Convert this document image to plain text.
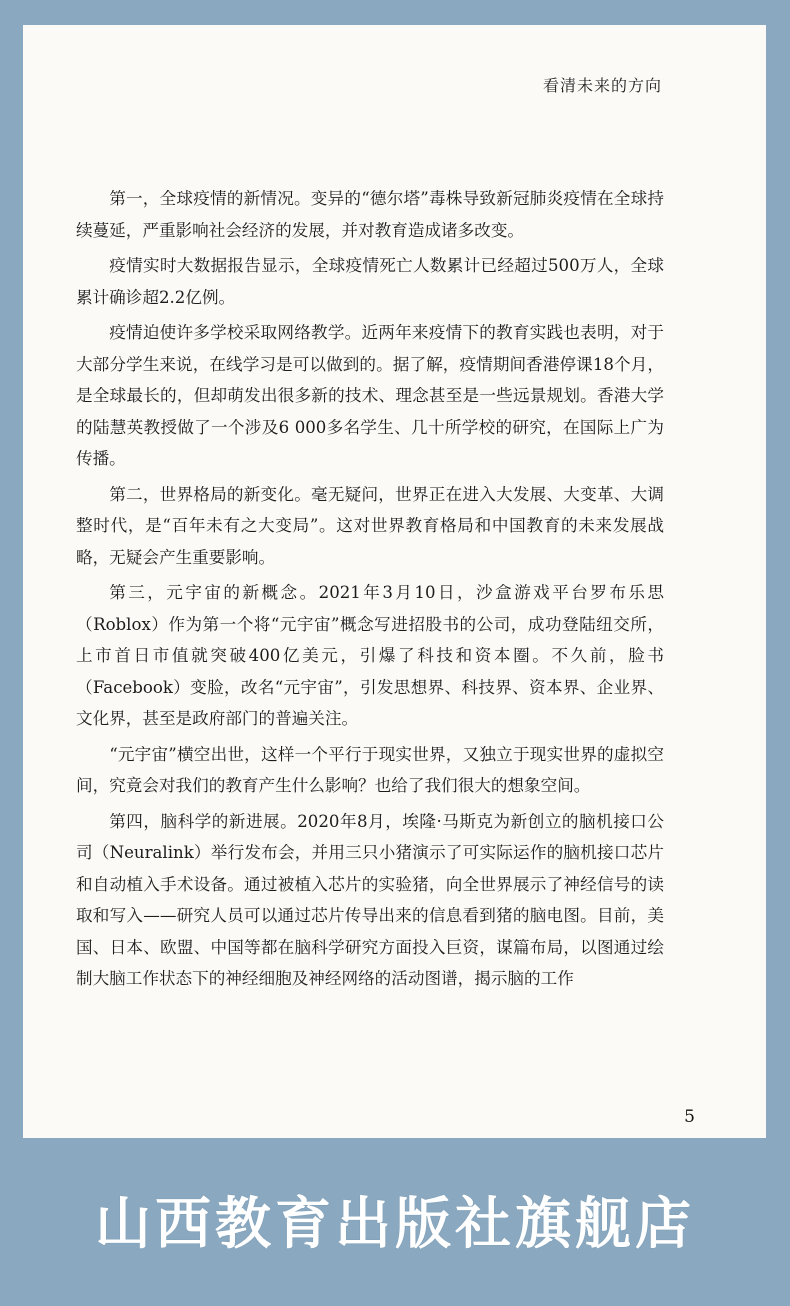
看清未来的方向

第一，全球疫情的新情况。变异的“德尔塔”毒株导致新冠肺炎疫情在全球持续蔓延，严重影响社会经济的发展，并对教育造成诸多改变。

疫情实时大数据报告显示，全球疫情死亡人数累计已经超过500万人，全球累计确诊超2.2亿例。

疫情迫使许多学校采取网络教学。近两年来疫情下的教育实践也表明，对于大部分学生来说，在线学习是可以做到的。据了解，疫情期间香港停课18个月，是全球最长的，但却萌发出很多新的技术、理念甚至是一些远景规划。香港大学的陆慧英教授做了一个涉及6 000多名学生、几十所学校的研究，在国际上广为传播。

第二，世界格局的新变化。毫无疑问，世界正在进入大发展、大变革、大调整时代，是“百年未有之大变局”。这对世界教育格局和中国教育的未来发展战略，无疑会产生重要影响。

第三，元宇宙的新概念。2021年3月10日，沙盒游戏平台罗布乐思（Roblox）作为第一个将“元宇宙”概念写进招股书的公司，成功登陆纽交所，上市首日市值就突破400亿美元，引爆了科技和资本圈。不久前，脸书（Facebook）变脸，改名“元宇宙”，引发思想界、科技界、资本界、企业界、文化界，甚至是政府部门的普遍关注。

“元宇宙”横空出世，这样一个平行于现实世界，又独立于现实世界的虚拟空间，究竟会对我们的教育产生什么影响？也给了我们很大的想象空间。

第四，脑科学的新进展。2020年8月，埃隆·马斯克为新创立的脑机接口公司（Neuralink）举行发布会，并用三只小猪演示了可实际运作的脑机接口芯片和自动植入手术设备。通过被植入芯片的实验猪，向全世界展示了神经信号的读取和写入——研究人员可以通过芯片传导出来的信息看到猪的脑电图。目前，美国、日本、欧盟、中国等都在脑科学研究方面投入巨资，谋篇布局，以图通过绘制大脑工作状态下的神经细胞及神经网络的活动图谱，揭示脑的工作

5
山西教育出版社旗舰店
